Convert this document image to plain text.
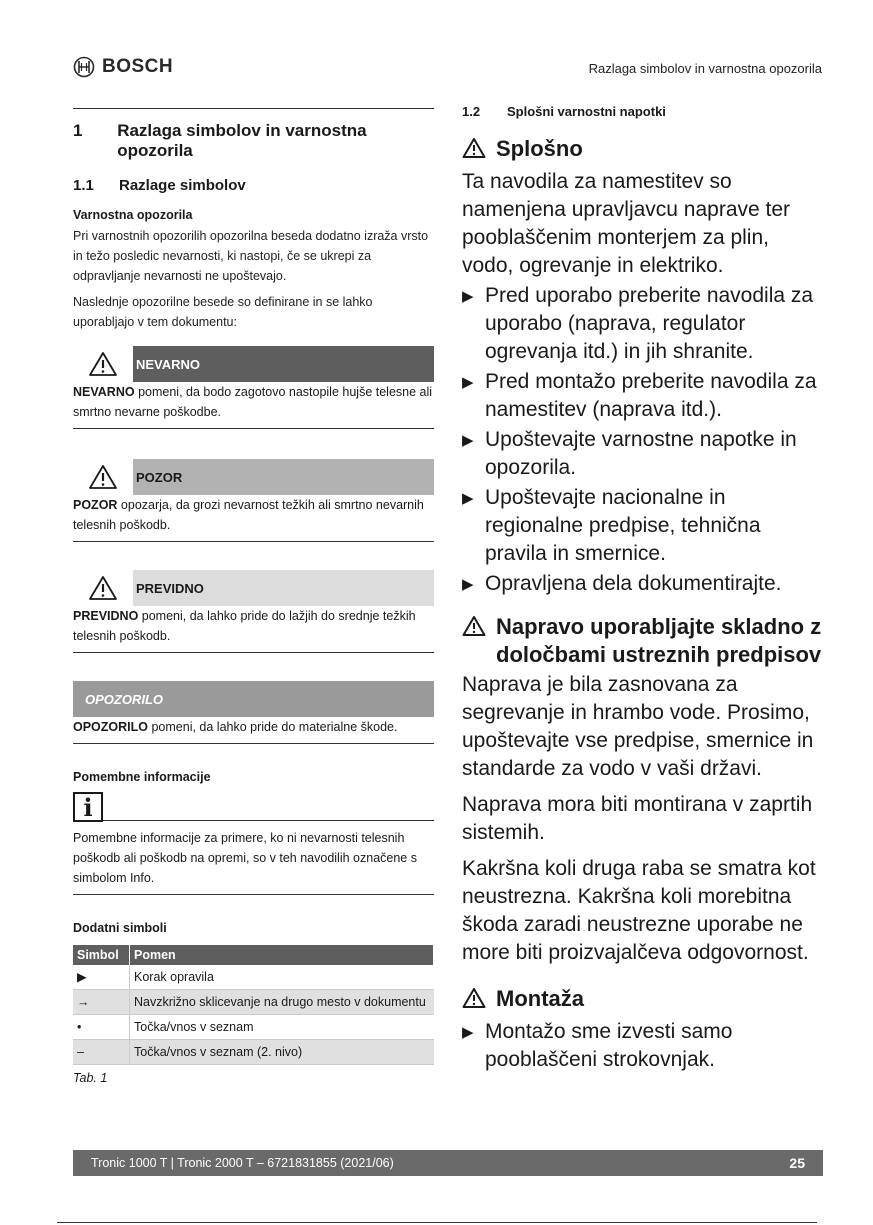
BOSCH	Razlaga simbolov in varnostna opozorila
1	Razlaga simbolov in varnostna opozorila
1.1	Razlage simbolov
Varnostna opozorila
Pri varnostnih opozorilih opozorilna beseda dodatno izraža vrsto in težo posledic nevarnosti, ki nastopi, če se ukrepi za odpravljanje nevarnosti ne upoštevajo.
Naslednje opozorilne besede so definirane in se lahko uporabljajo v tem dokumentu:
NEVARNO
NEVARNO pomeni, da bodo zagotovo nastopile hujše telesne ali smrtno nevarne poškodbe.
POZOR
POZOR opozarja, da grozi nevarnost težkih ali smrtno nevarnih telesnih poškodb.
PREVIDNO
PREVIDNO pomeni, da lahko pride do lažjih do srednje težkih telesnih poškodb.
OPOZORILO
OPOZORILO pomeni, da lahko pride do materialne škode.
Pomembne informacije
i
Pomembne informacije za primere, ko ni nevarnosti telesnih poškodb ali poškodb na opremi, so v teh navodilih označene s simbolom Info.
Dodatni simboli
Simbol	Pomen
▶	Korak opravila
→	Navzkrižno sklicevanje na drugo mesto v dokumentu
•	Točka/vnos v seznam
–	Točka/vnos v seznam (2. nivo)
Tab. 1
1.2	Splošni varnostni napotki
Splošno
Ta navodila za namestitev so namenjena upravljavcu naprave ter pooblaščenim monterjem za plin, vodo, ogrevanje in elektriko.
▶ Pred uporabo preberite navodila za uporabo (naprava, regulator ogrevanja itd.) in jih shranite.
▶ Pred montažo preberite navodila za namestitev (naprava itd.).
▶ Upoštevajte varnostne napotke in opozorila.
▶ Upoštevajte nacionalne in regionalne predpise, tehnična pravila in smernice.
▶ Opravljena dela dokumentirajte.
Napravo uporabljajte skladno z določbami ustreznih predpisov
Naprava je bila zasnovana za segrevanje in hrambo vode. Prosimo, upoštevajte vse predpise, smernice in standarde za vodo v vaši državi.
Naprava mora biti montirana v zaprtih sistemih.
Kakršna koli druga raba se smatra kot neustrezna. Kakršna koli morebitna škoda zaradi neustrezne uporabe ne more biti proizvajalčeva odgovornost.
Montaža
▶ Montažo sme izvesti samo pooblaščeni strokovnjak.
Tronic 1000 T | Tronic 2000 T – 6721831855 (2021/06)	25
